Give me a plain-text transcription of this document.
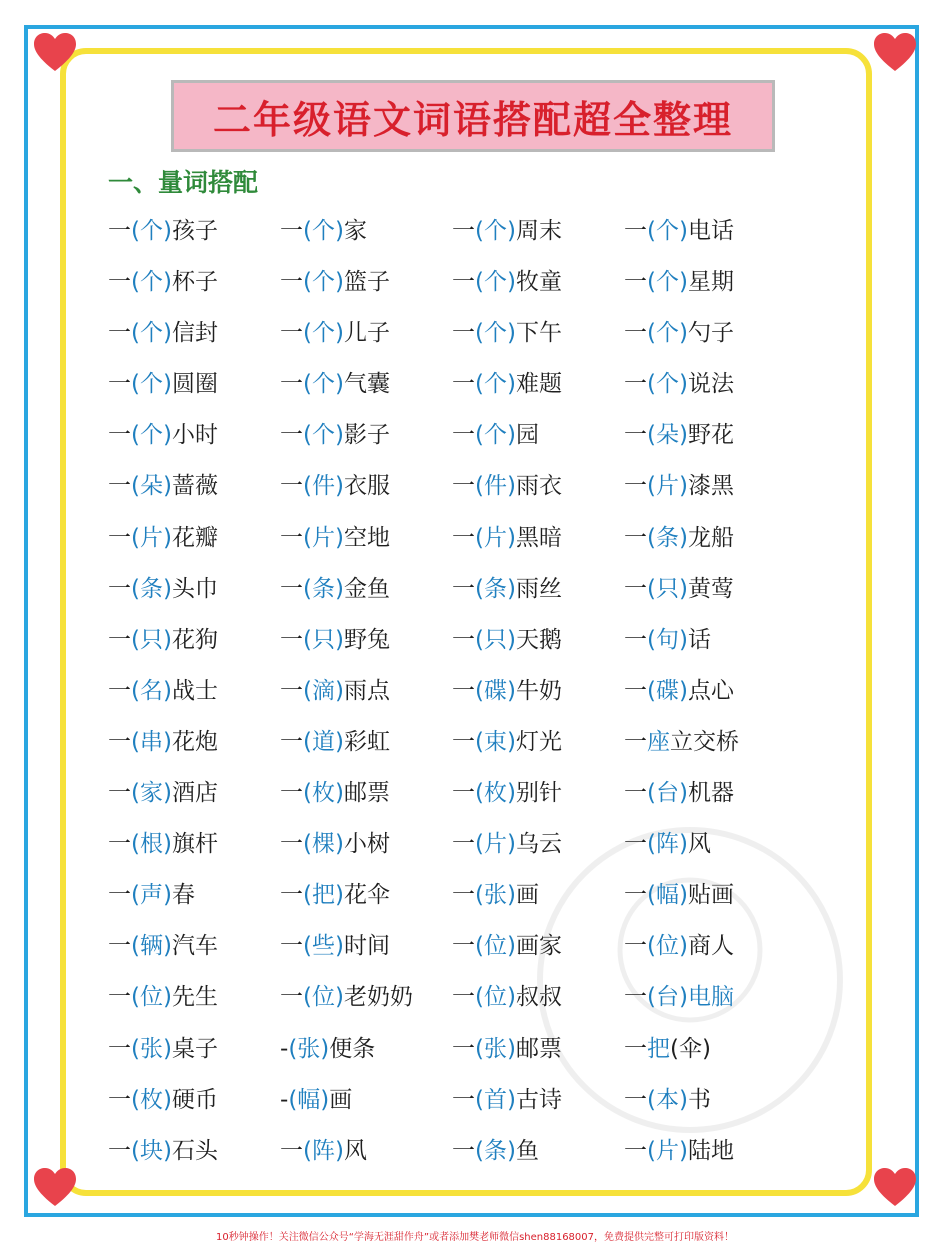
二年级语文词语搭配超全整理
一、量词搭配
一(个)孩子	一(个)家	一(个)周末	一(个)电话
一(个)杯子	一(个)篮子	一(个)牧童	一(个)星期
一(个)信封	一(个)儿子	一(个)下午	一(个)勺子
一(个)圆圈	一(个)气囊	一(个)难题	一(个)说法
一(个)小时	一(个)影子	一(个)园	一(朵)野花
一(朵)蔷薇	一(件)衣服	一(件)雨衣	一(片)漆黑
一(片)花瓣	一(片)空地	一(片)黑暗	一(条)龙船
一(条)头巾	一(条)金鱼	一(条)雨丝	一(只)黄莺
一(只)花狗	一(只)野兔	一(只)天鹅	一(句)话
一(名)战士	一(滴)雨点	一(碟)牛奶	一(碟)点心
一(串)花炮	一(道)彩虹	一(束)灯光	一座立交桥
一(家)酒店	一(枚)邮票	一(枚)别针	一(台)机器
一(根)旗杆	一(棵)小树	一(片)乌云	一(阵)风
一(声)春	一(把)花伞	一(张)画	一(幅)贴画
一(辆)汽车	一(些)时间	一(位)画家	一(位)商人
一(位)先生	一(位)老奶奶 一(位)叔叔	一(台)电脑
一(张)桌子	-(张)便条	一(张)邮票	一把(伞)
一(枚)硬币	-(幅)画	一(首)古诗	一(本)书
一(块)石头	一(阵)风	一(条)鱼	一(片)陆地
10秒钟操作！关注微信公众号“学海无涯甜作舟”或者添加樊老师微信shen88168007，免费提供完整可打印版资料！
